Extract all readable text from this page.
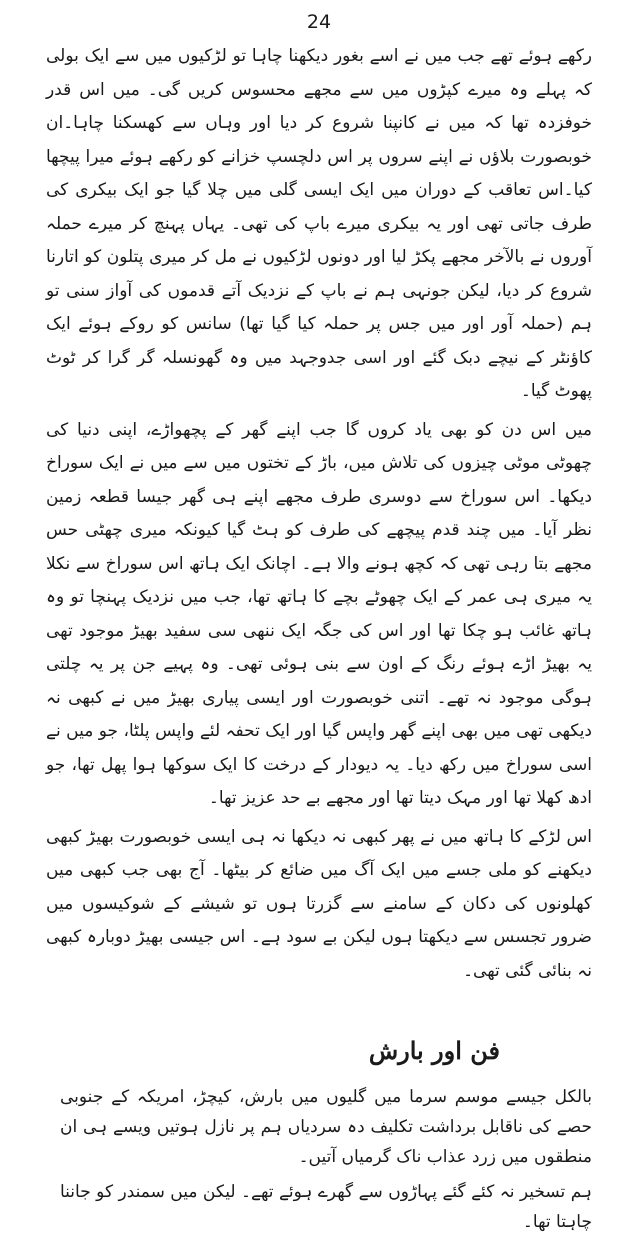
24

رکھے ہوئے تھے جب میں نے اسے بغور دیکھنا چاہا تو لڑکیوں میں سے ایک بولی کہ پہلے وہ میرے کپڑوں میں سے مجھے محسوس کریں گی۔ میں اس قدر خوفزدہ تھا کہ میں نے کانپنا شروع کر دیا اور وہاں سے کھسکنا چاہا۔ان خوبصورت بلاؤں نے اپنے سروں پر اس دلچسپ خزانے کو رکھے ہوئے میرا پیچھا کیا۔اس تعاقب کے دوران میں ایک ایسی گلی میں چلا گیا جو ایک بیکری کی طرف جاتی تھی اور یہ بیکری میرے باپ کی تھی۔ یہاں پہنچ کر میرے حملہ آوروں نے بالآخر مجھے پکڑ لیا اور دونوں لڑکیوں نے مل کر میری پتلون کو اتارنا شروع کر دیا، لیکن جونہی ہم نے باپ کے نزدیک آتے قدموں کی آواز سنی تو ہم (حملہ آور اور میں جس پر حملہ کیا گیا تھا) سانس کو روکے ہوئے ایک کاؤنٹر کے نیچے دبک گئے اور اسی جدوجہد میں وہ گھونسلہ گر گرا کر ٹوٹ پھوٹ گیا۔

میں اس دن کو بھی یاد کروں گا جب اپنے گھر کے پچھواڑے، اپنی دنیا کی چھوٹی موٹی چیزوں کی تلاش میں، باڑ کے تختوں میں سے میں نے ایک سوراخ دیکھا۔ اس سوراخ سے دوسری طرف مجھے اپنے ہی گھر جیسا قطعہ زمین نظر آیا۔ میں چند قدم پیچھے کی طرف کو ہٹ گیا کیونکہ میری چھٹی حس مجھے بتا رہی تھی کہ کچھ ہونے والا ہے۔ اچانک ایک ہاتھ اس سوراخ سے نکلا یہ میری ہی عمر کے ایک چھوٹے بچے کا ہاتھ تھا، جب میں نزدیک پہنچا تو وہ ہاتھ غائب ہو چکا تھا اور اس کی جگہ ایک ننھی سی سفید بھیڑ موجود تھی یہ بھیڑ اڑے ہوئے رنگ کے اون سے بنی ہوئی تھی۔ وہ پہیے جن پر یہ چلتی ہوگی موجود نہ تھے۔ اتنی خوبصورت اور ایسی پیاری بھیڑ میں نے کبھی نہ دیکھی تھی میں بھی اپنے گھر واپس گیا اور ایک تحفہ لئے واپس پلٹا، جو میں نے اسی سوراخ میں رکھ دیا۔ یہ دیودار کے درخت کا ایک سوکھا ہوا پھل تھا، جو ادھ کھلا تھا اور مہک دیتا تھا اور مجھے بے حد عزیز تھا۔

اس لڑکے کا ہاتھ میں نے پھر کبھی نہ دیکھا نہ ہی ایسی خوبصورت بھیڑ کبھی دیکھنے کو ملی جسے میں ایک آگ میں ضائع کر بیٹھا۔ آج بھی جب کبھی میں کھلونوں کی دکان کے سامنے سے گزرتا ہوں تو شیشے کے شوکیسوں میں ضرور تجسس سے دیکھتا ہوں لیکن بے سود ہے۔ اس جیسی بھیڑ دوبارہ کبھی نہ بنائی گئی تھی۔

فن اور بارش

بالکل جیسے موسم سرما میں گلیوں میں بارش، کیچڑ، امریکہ کے جنوبی حصے کی ناقابل برداشت تکلیف دہ سردیاں ہم پر نازل ہوتیں ویسے ہی ان منطقوں میں زرد عذاب ناک گرمیاں آتیں۔

ہم تسخیر نہ کئے گئے پہاڑوں سے گھرے ہوئے تھے۔ لیکن میں سمندر کو جاننا چاہتا تھا۔
